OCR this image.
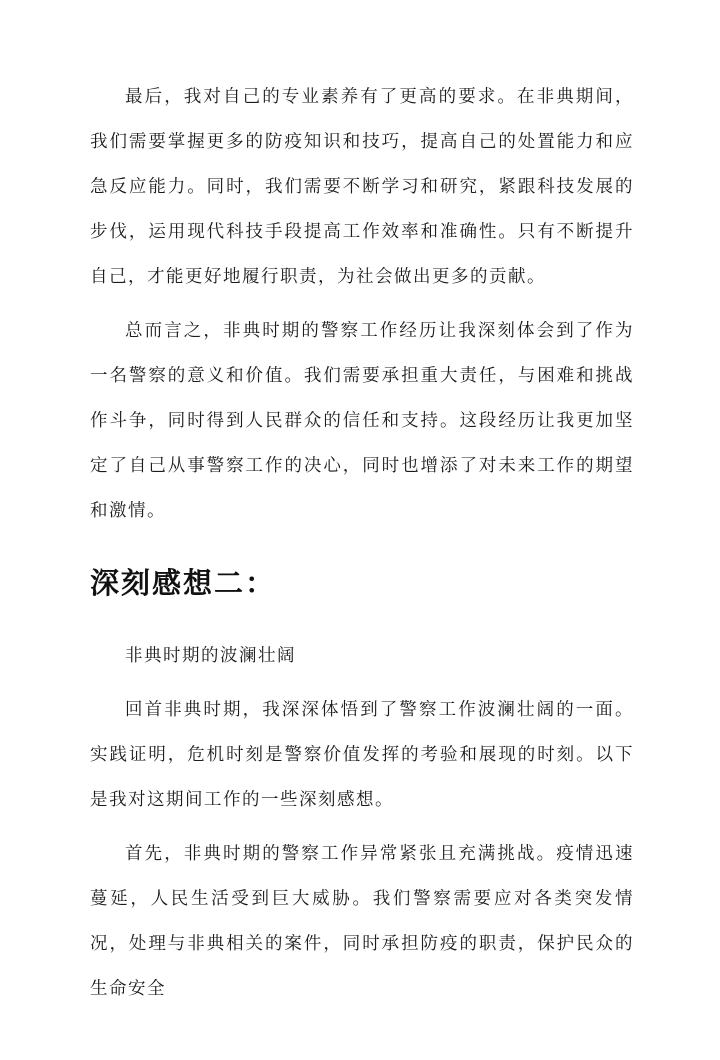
最后，我对自己的专业素养有了更高的要求。在非典期间，我们需要掌握更多的防疫知识和技巧，提高自己的处置能力和应急反应能力。同时，我们需要不断学习和研究，紧跟科技发展的步伐，运用现代科技手段提高工作效率和准确性。只有不断提升自己，才能更好地履行职责，为社会做出更多的贡献。

总而言之，非典时期的警察工作经历让我深刻体会到了作为一名警察的意义和价值。我们需要承担重大责任，与困难和挑战作斗争，同时得到人民群众的信任和支持。这段经历让我更加坚定了自己从事警察工作的决心，同时也增添了对未来工作的期望和激情。

深刻感想二：

非典时期的波澜壮阔

回首非典时期，我深深体悟到了警察工作波澜壮阔的一面。实践证明，危机时刻是警察价值发挥的考验和展现的时刻。以下是我对这期间工作的一些深刻感想。

首先，非典时期的警察工作异常紧张且充满挑战。疫情迅速蔓延，人民生活受到巨大威胁。我们警察需要应对各类突发情况，处理与非典相关的案件，同时承担防疫的职责，保护民众的生命安全
